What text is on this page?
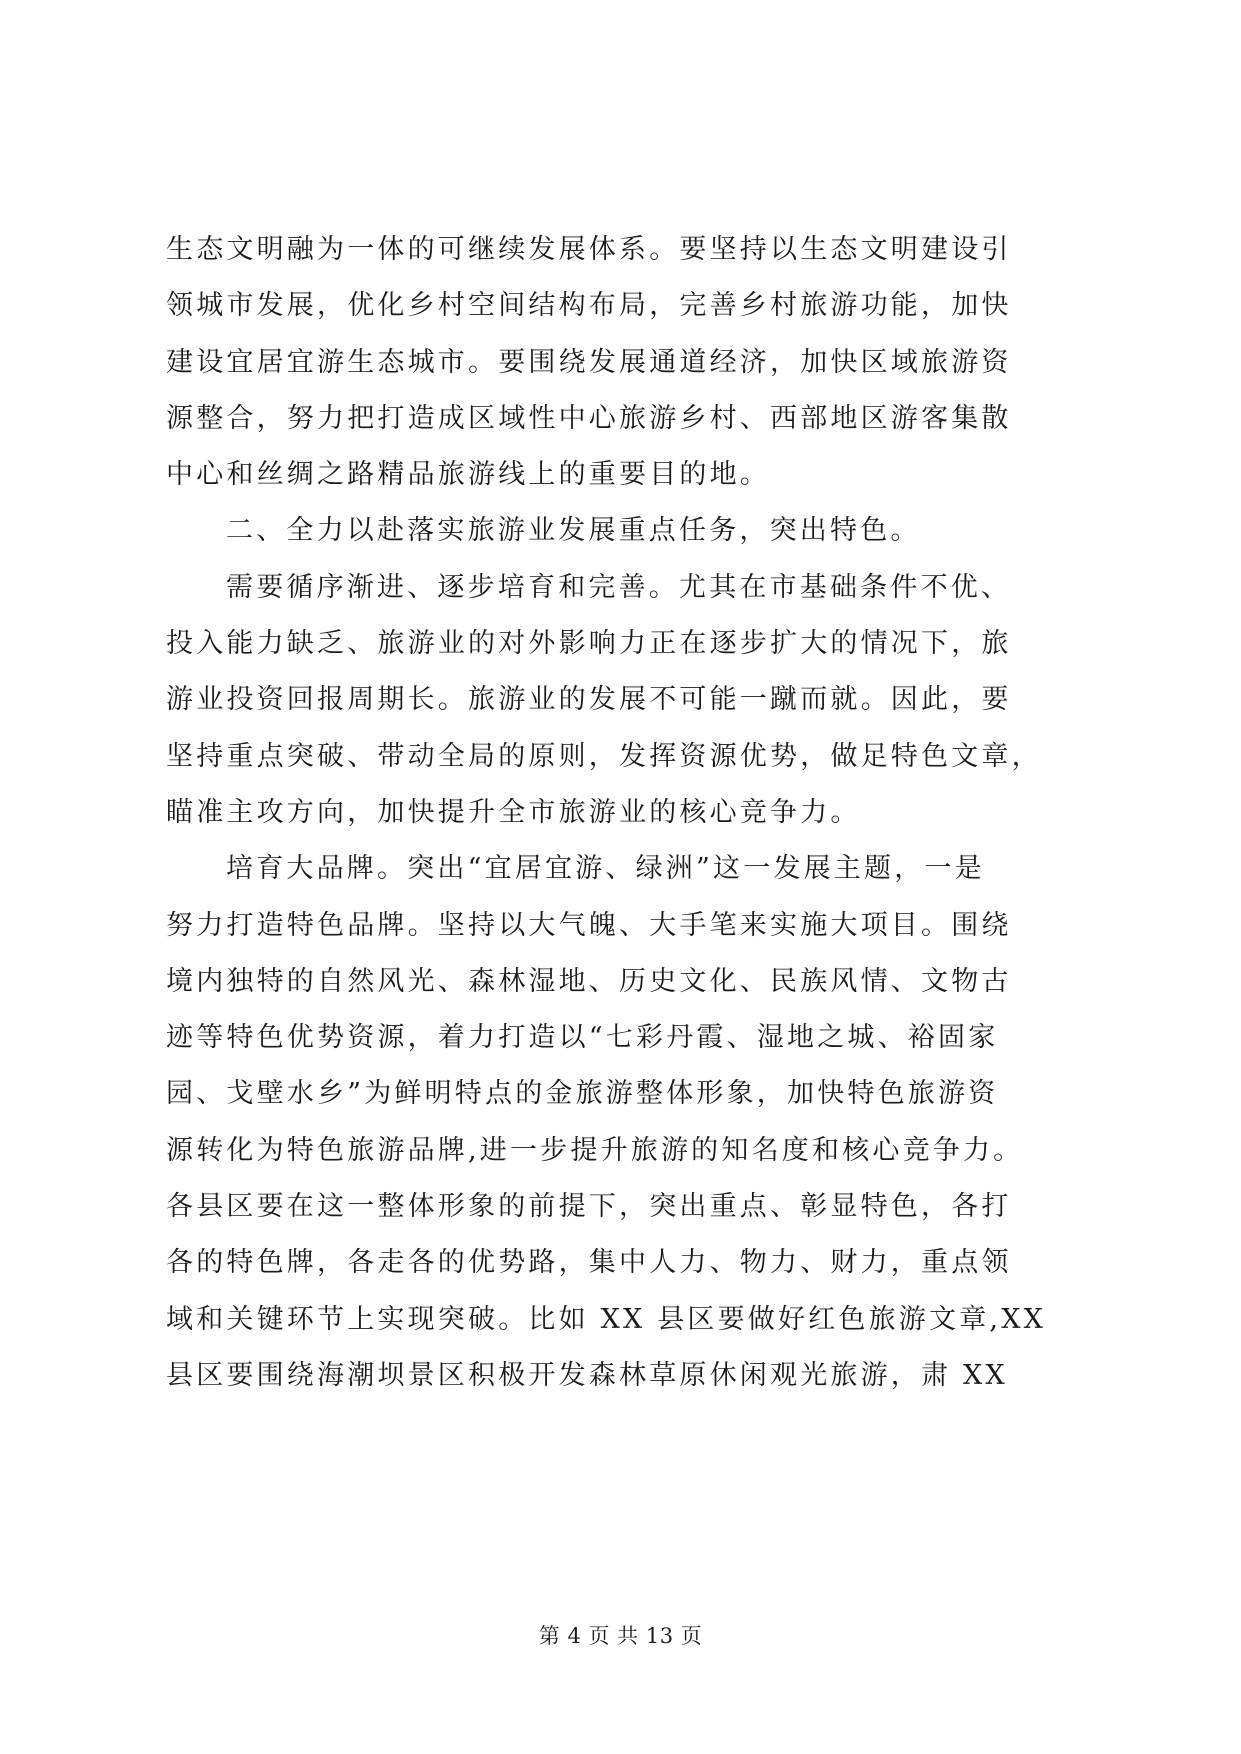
生态文明融为一体的可继续发展体系。要坚持以生态文明建设引
领城市发展，优化乡村空间结构布局，完善乡村旅游功能，加快
建设宜居宜游生态城市。要围绕发展通道经济，加快区域旅游资
源整合，努力把打造成区域性中心旅游乡村、西部地区游客集散
中心和丝绸之路精品旅游线上的重要目的地。
二、全力以赴落实旅游业发展重点任务，突出特色。
需要循序渐进、逐步培育和完善。尤其在市基础条件不优、
投入能力缺乏、旅游业的对外影响力正在逐步扩大的情况下，旅
游业投资回报周期长。旅游业的发展不可能一蹴而就。因此，要
坚持重点突破、带动全局的原则，发挥资源优势，做足特色文章，
瞄准主攻方向，加快提升全市旅游业的核心竞争力。
培育大品牌。突出“宜居宜游、绿洲”这一发展主题，一是
努力打造特色品牌。坚持以大气魄、大手笔来实施大项目。围绕
境内独特的自然风光、森林湿地、历史文化、民族风情、文物古
迹等特色优势资源，着力打造以“七彩丹霞、湿地之城、裕固家
园、戈壁水乡”为鲜明特点的金旅游整体形象，加快特色旅游资
源转化为特色旅游品牌,进一步提升旅游的知名度和核心竞争力。
各县区要在这一整体形象的前提下，突出重点、彰显特色，各打
各的特色牌，各走各的优势路，集中人力、物力、财力，重点领
域和关键环节上实现突破。比如 XX 县区要做好红色旅游文章,XX
县区要围绕海潮坝景区积极开发森林草原休闲观光旅游，肃 XX
第 4 页 共 13 页
